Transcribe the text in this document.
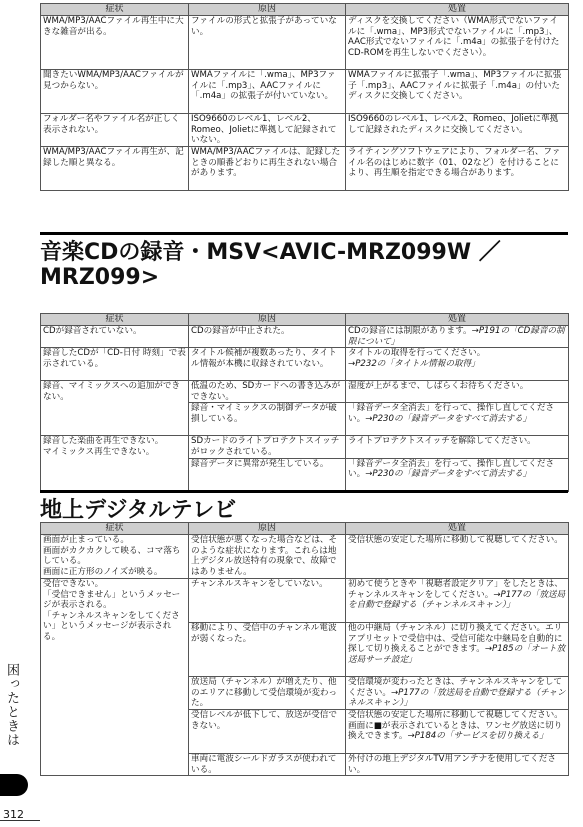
症状	原因	処置
WMA/MP3/AACファイル再生中に大きな雑音が出る。	ファイルの形式と拡張子があっていない。	ディスクを交換してください（WMA形式でないファイルに「.wma」、MP3形式でないファイルに「.mp3」、AAC形式でないファイルに「.m4a」の拡張子を付けたCD-ROMを再生しないでください）。
聞きたいWMA/MP3/AACファイルが見つからない。	WMAファイルに「.wma」、MP3ファイルに「.mp3」、AACファイルに「.m4a」の拡張子が付いていない。	WMAファイルに拡張子「.wma」、MP3ファイルに拡張子「.mp3」、AACファイルに拡張子「.m4a」の付いたディスクに交換してください。
フォルダー名やファイル名が正しく表示されない。	ISO9660のレベル1、レベル2、Romeo、Jolietに準拠して記録されていない。	ISO9660のレベル1、レベル2、Romeo、Jolietに準拠して記録されたディスクに交換してください。
WMA/MP3/AACファイル再生が、記録した順と異なる。	WMA/MP3/AACファイルは、記録したときの順番どおりに再生されない場合があります。	ライティングソフトウェアにより、フォルダー名、ファイル名のはじめに数字（01、02など）を付けることにより、再生順を指定できる場合があります。
音楽CDの録音・MSV<AVIC-MRZ099W ／
MRZ099>
症状	原因	処置
CDが録音されていない。	CDの録音が中止された。	CDの録音には制限があります。→P191の「CD録音の制限について」
録音したCDが「CD-日付 時刻」で表示されている。	タイトル候補が複数あったり、タイトル情報が本機に収録されていない。	タイトルの取得を行ってください。
→P232の「タイトル情報の取得」
録音、マイミックスへの追加ができない。	低温のため、SDカードへの書き込みができない。	湿度が上がるまで、しばらくお待ちください。
	録音・マイミックスの制御データが破損している。	「録音データ全消去」を行って、操作し直してください。→P230の「録音データをすべて消去する」
録音した楽曲を再生できない。
マイミックス再生できない。	SDカードのライトプロテクトスイッチがロックされている。	ライトプロテクトスイッチを解除してください。
	録音データに異常が発生している。	「録音データ全消去」を行って、操作し直してください。→P230の「録音データをすべて消去する」
地上デジタルテレビ
症状	原因	処置
画面が止まっている。
画面がカクカクして映る、コマ落ちしている。
画面に正方形のノイズが映る。	受信状態が悪くなった場合などは、そのような症状になります。これらは地上デジタル放送特有の現象で、故障ではありません。	受信状態の安定した場所に移動して視聴してください。
受信できない。
「受信できません」というメッセージが表示される。
「チャンネルスキャンをしてください」というメッセージが表示される。	チャンネルスキャンをしていない。	初めて使うときや「視聴者設定クリア」をしたときは、チャンネルスキャンをしてください。→P177の「放送局を自動で登録する（チャンネルスキャン）」
	移動により、受信中のチャンネル電波が弱くなった。	他の中継局（チャンネル）に切り換えてください。エリアプリセットで受信中は、受信可能な中継局を自動的に探して切り換えることができます。→P185の「オート放送局サーチ設定」
	放送局（チャンネル）が増えたり、他のエリアに移動して受信環境が変わった。	受信環境が変わったときは、チャンネルスキャンをしてください。→P177の「放送局を自動で登録する（チャンネルスキャン）」
	受信レベルが低下して、放送が受信できない。	受信状態の安定した場所に移動して視聴してください。画面に■が表示されているときは、ワンセグ放送に切り換えできます。→P184の「サービスを切り換える」
	車両に電波シールドガラスが使われている。	外付けの地上デジタルTV用アンテナを使用してください。
困ったときは
312
